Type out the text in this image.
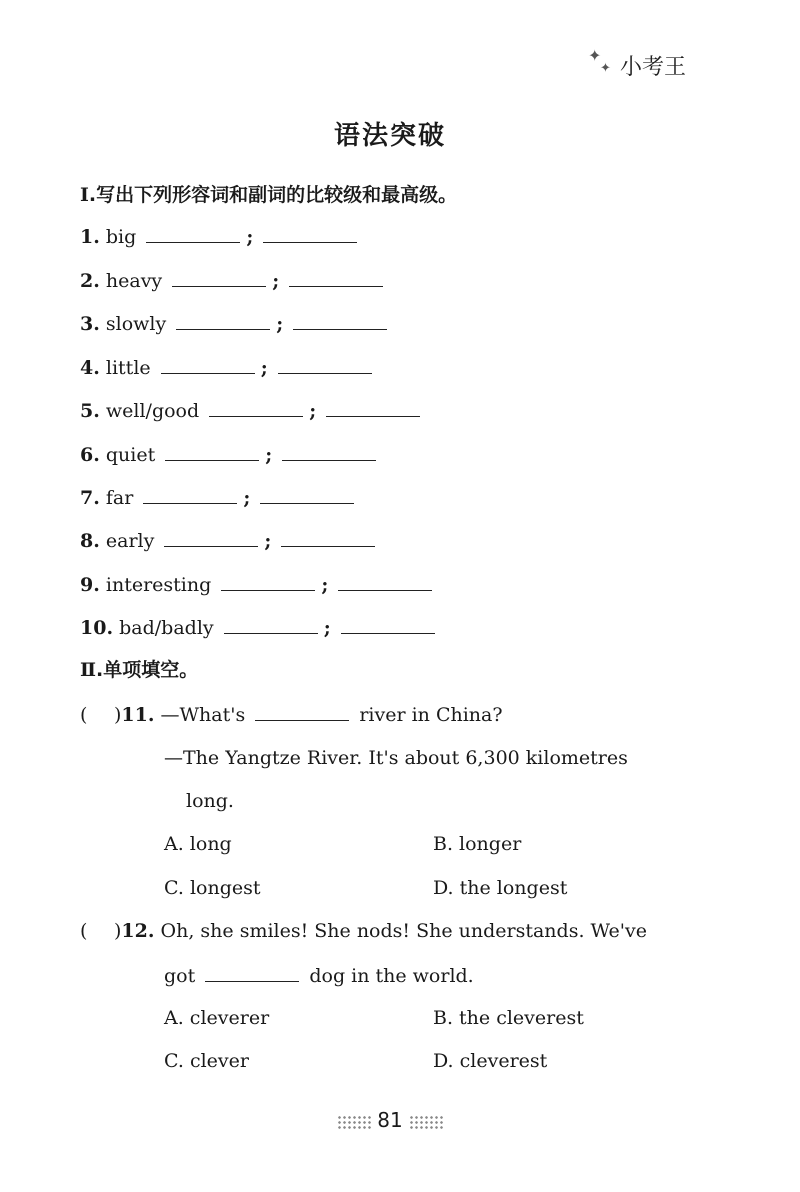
✦
✦ 小考王
语法突破
Ⅰ.写出下列形容词和副词的比较级和最高级。
1. big	;
2. heavy	;
3. slowly	;
4. little	;
5. well/good	;
6. quiet	;
7. far	;
8. early	;
9. interesting	;
10. bad/badly	;
Ⅱ.单项填空。
( )11. —What's	river in China?
—The Yangtze River. It's about 6,300 kilometres
long.
A. long	B. longer
C. longest	D. the longest
( )12. Oh, she smiles! She nods! She understands. We've
got	dog in the world.
A. cleverer	B. the cleverest
C. clever	D. cleverest
81
